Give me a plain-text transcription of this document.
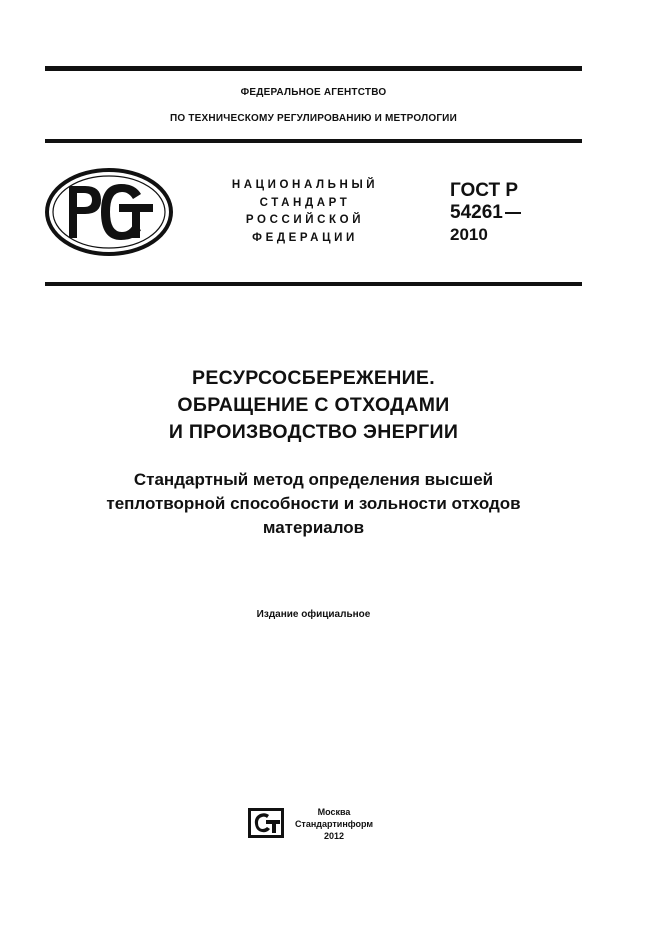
ФЕДЕРАЛЬНОЕ АГЕНТСТВО
ПО ТЕХНИЧЕСКОМУ РЕГУЛИРОВАНИЮ И МЕТРОЛОГИИ
НАЦИОНАЛЬНЫЙ
СТАНДАРТ
РОССИЙСКОЙ
ФЕДЕРАЦИИ
ГОСТ Р
54261
2010
РЕСУРСОСБЕРЕЖЕНИЕ.
ОБРАЩЕНИЕ С ОТХОДАМИ
И ПРОИЗВОДСТВО ЭНЕРГИИ
Стандартный метод определения высшей
теплотворной способности и зольности отходов
материалов
Издание официальное
Москва
Стандартинформ
2012
